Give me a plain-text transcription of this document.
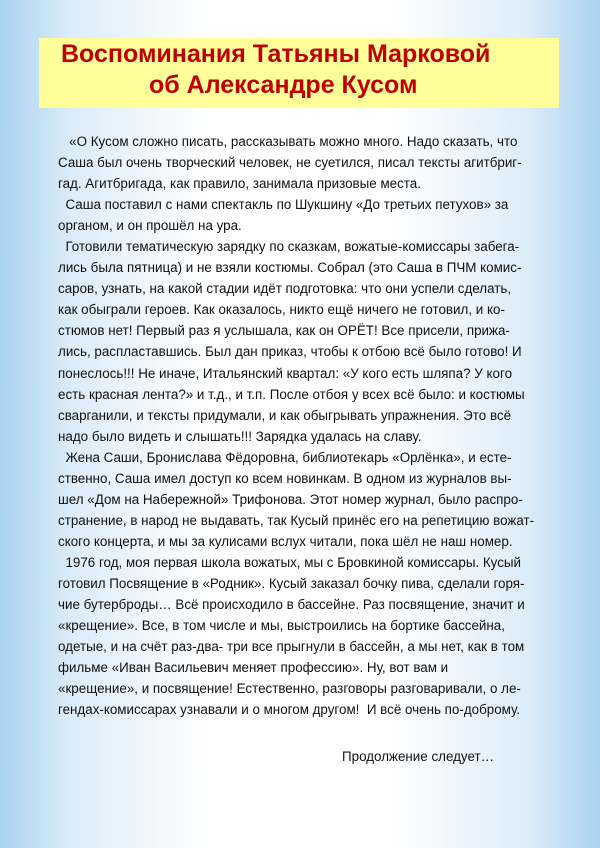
Воспоминания Татьяны Марковой
об Александре Кусом
«О Кусом сложно писать, рассказывать можно много. Надо сказать, что
Саша был очень творческий человек, не суетился, писал тексты агитбриг-
гад. Агитбригада, как правило, занимала призовые места.
Саша поставил с нами спектакль по Шукшину «До третьих петухов» за
органом, и он прошёл на ура.
Готовили тематическую зарядку по сказкам, вожатые-комиссары забега-
лись была пятница) и не взяли костюмы. Собрал (это Саша в ПЧМ комис-
саров, узнать, на какой стадии идёт подготовка: что они успели сделать,
как обыграли героев. Как оказалось, никто ещё ничего не готовил, и ко-
стюмов нет! Первый раз я услышала, как он ОРЁТ! Все присели, прижа-
лись, распластавшись. Был дан приказ, чтобы к отбою всё было готово! И
понеслось!!! Не иначе, Итальянский квартал: «У кого есть шляпа? У кого
есть красная лента?» и т.д., и т.п. После отбоя у всех всё было: и костюмы
сварганили, и тексты придумали, и как обыгрывать упражнения. Это всё
надо было видеть и слышать!!! Зарядка удалась на славу.
Жена Саши, Бронислава Фёдоровна, библиотекарь «Орлёнка», и есте-
ственно, Саша имел доступ ко всем новинкам. В одном из журналов вы-
шел «Дом на Набережной» Трифонова. Этот номер журнал, было распро-
странение, в народ не выдавать, так Кусый принёс его на репетицию вожат-
ского концерта, и мы за кулисами вслух читали, пока шёл не наш номер.
1976 год, моя первая школа вожатых, мы с Бровкиной комиссары. Кусый
готовил Посвящение в «Родник». Кусый заказал бочку пива, сделали горя-
чие бутерброды… Всё происходило в бассейне. Раз посвящение, значит и
«крещение». Все, в том числе и мы, выстроились на бортике бассейна,
одетые, и на счёт раз-два- три все прыгнули в бассейн, а мы нет, как в том
фильме «Иван Васильевич меняет профессию». Ну, вот вам и
«крещение», и посвящение! Естественно, разговоры разговаривали, о ле-
гендах-комиссарах узнавали и о многом другом!  И всё очень по-доброму.
Продолжение следует…
